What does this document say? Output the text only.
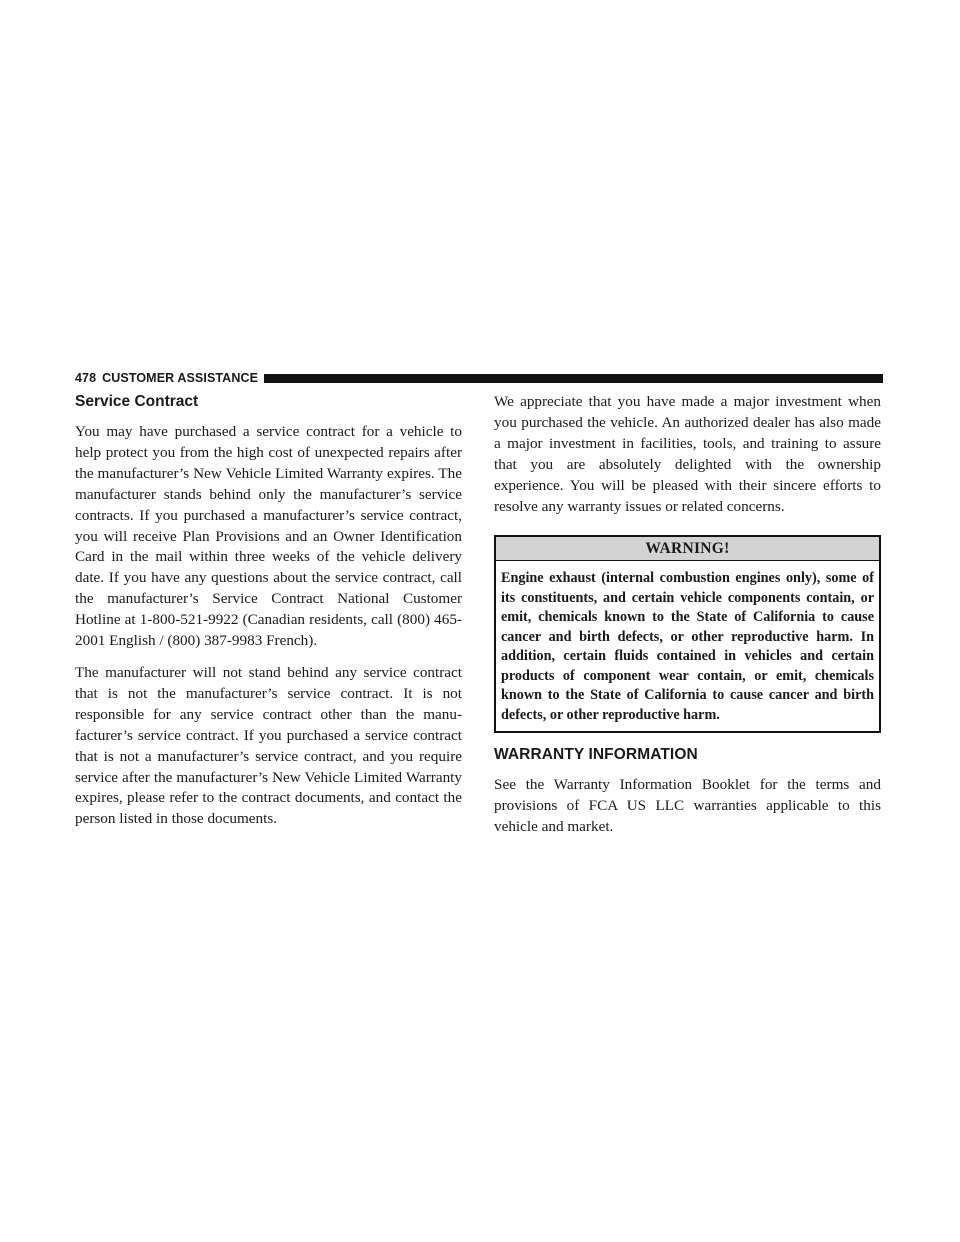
478 CUSTOMER ASSISTANCE
Service Contract

You may have purchased a service contract for a vehicle to help protect you from the high cost of unexpected repairs after the manufacturer’s New Vehicle Limited Warranty expires. The manufacturer stands behind only the manufacturer’s service contracts. If you purchased a manufacturer’s service contract, you will receive Plan Provisions and an Owner Identification Card in the mail within three weeks of the vehicle delivery date. If you have any questions about the service contract, call the manufacturer’s Service Contract National Customer Hotline at 1-800-521-9922 (Canadian residents, call (800) 465-2001 English / (800) 387-9983 French).

The manufacturer will not stand behind any service contract that is not the manufacturer’s service contract. It is not responsible for any service contract other than the manufacturer’s service contract. If you purchased a service contract that is not a manufacturer’s service contract, and you require service after the manufacturer’s New Vehicle Limited Warranty expires, please refer to the contract documents, and contact the person listed in those documents.

We appreciate that you have made a major investment when you purchased the vehicle. An authorized dealer has also made a major investment in facilities, tools, and training to assure that you are absolutely delighted with the ownership experience. You will be pleased with their sincere efforts to resolve any warranty issues or related concerns.

WARNING!
Engine exhaust (internal combustion engines only), some of its constituents, and certain vehicle components contain, or emit, chemicals known to the State of California to cause cancer and birth defects, or other reproductive harm. In addition, certain fluids contained in vehicles and certain products of component wear contain, or emit, chemicals known to the State of California to cause cancer and birth defects, or other reproductive harm.
WARRANTY INFORMATION

See the Warranty Information Booklet for the terms and provisions of FCA US LLC warranties applicable to this vehicle and market.
